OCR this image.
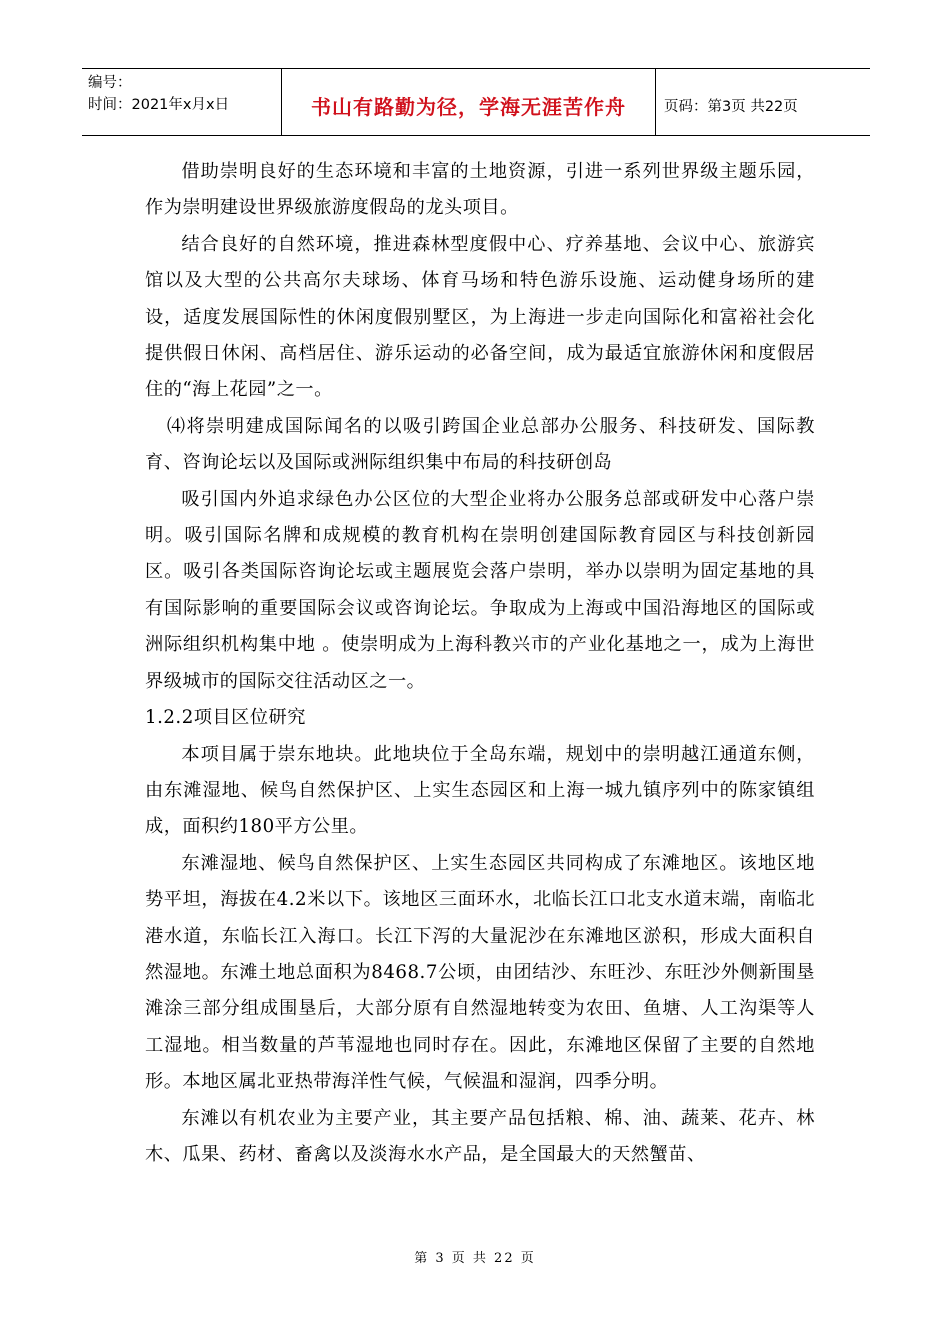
编号：
时间：2021年x月x日	书山有路勤为径，学海无涯苦作舟	页码：第3页 共22页

借助崇明良好的生态环境和丰富的土地资源，引进一系列世界级主题乐园，作为崇明建设世界级旅游度假岛的龙头项目。

结合良好的自然环境，推进森林型度假中心、疗养基地、会议中心、旅游宾馆以及大型的公共高尔夫球场、体育马场和特色游乐设施、运动健身场所的建设，适度发展国际性的休闲度假别墅区，为上海进一步走向国际化和富裕社会化提供假日休闲、高档居住、游乐运动的必备空间，成为最适宜旅游休闲和度假居住的“海上花园”之一。

⑷将崇明建成国际闻名的以吸引跨国企业总部办公服务、科技研发、国际教育、咨询论坛以及国际或洲际组织集中布局的科技研创岛

吸引国内外追求绿色办公区位的大型企业将办公服务总部或研发中心落户崇明。吸引国际名牌和成规模的教育机构在崇明创建国际教育园区与科技创新园区。吸引各类国际咨询论坛或主题展览会落户崇明，举办以崇明为固定基地的具有国际影响的重要国际会议或咨询论坛。争取成为上海或中国沿海地区的国际或洲际组织机构集中地 。使崇明成为上海科教兴市的产业化基地之一，成为上海世界级城市的国际交往活动区之一。

1.2.2项目区位研究

本项目属于崇东地块。此地块位于全岛东端，规划中的崇明越江通道东侧，由东滩湿地、候鸟自然保护区、上实生态园区和上海一城九镇序列中的陈家镇组成，面积约180平方公里。

东滩湿地、候鸟自然保护区、上实生态园区共同构成了东滩地区。该地区地势平坦，海拔在4.2米以下。该地区三面环水，北临长江口北支水道末端，南临北港水道，东临长江入海口。长江下泻的大量泥沙在东滩地区淤积，形成大面积自然湿地。东滩土地总面积为8468.7公顷，由团结沙、东旺沙、东旺沙外侧新围垦滩涂三部分组成围垦后，大部分原有自然湿地转变为农田、鱼塘、人工沟渠等人工湿地。相当数量的芦苇湿地也同时存在。因此，东滩地区保留了主要的自然地形。本地区属北亚热带海洋性气候，气候温和湿润，四季分明。

东滩以有机农业为主要产业，其主要产品包括粮、棉、油、蔬莱、花卉、林木、瓜果、药材、畜禽以及淡海水水产品，是全国最大的天然蟹苗、

第 3 页 共 22 页
